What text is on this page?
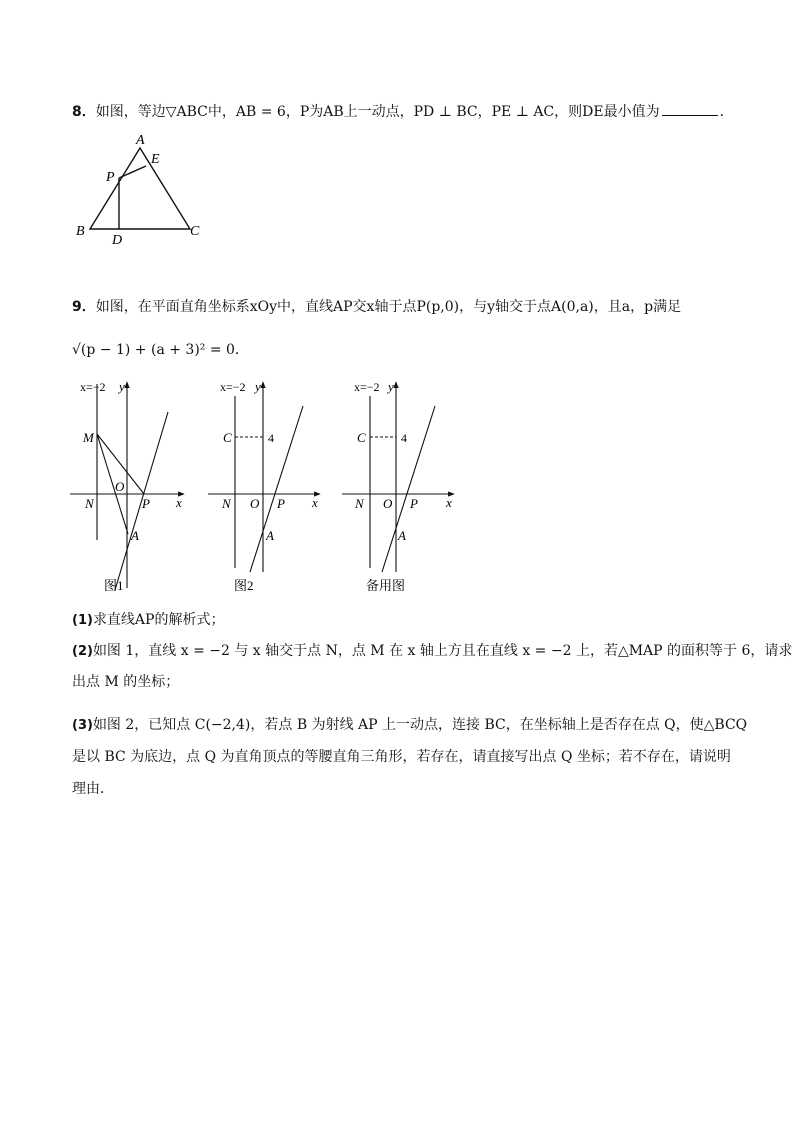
8．如图，等边▽ABC中，AB = 6，P为AB上一动点，PD ⊥ BC，PE ⊥ AC，则DE最小值为	．
A
E
P
B
D
C
9．如图，在平面直角坐标系xOy中，直线AP交x轴于点P(p,0)，与y轴交于点A(0,a)，且a，p满足
√(p − 1) + (a + 3)² = 0．
x=−2 y
x
M
N
O
P
A
图1
x=−2 y
x
C	4
N O P
A
图2
x=−2 y
x
C	4
N O P
A
备用图
(1)求直线AP的解析式；
(2)如图 1，直线 x = −2 与 x 轴交于点 N，点 M 在 x 轴上方且在直线 x = −2 上，若△MAP 的面积等于 6，请求
出点 M 的坐标；
(3)如图 2，已知点 C(−2,4)，若点 B 为射线 AP 上一动点，连接 BC，在坐标轴上是否存在点 Q，使△BCQ
是以 BC 为底边，点 Q 为直角顶点的等腰直角三角形，若存在，请直接写出点 Q 坐标；若不存在，请说明
理由．
